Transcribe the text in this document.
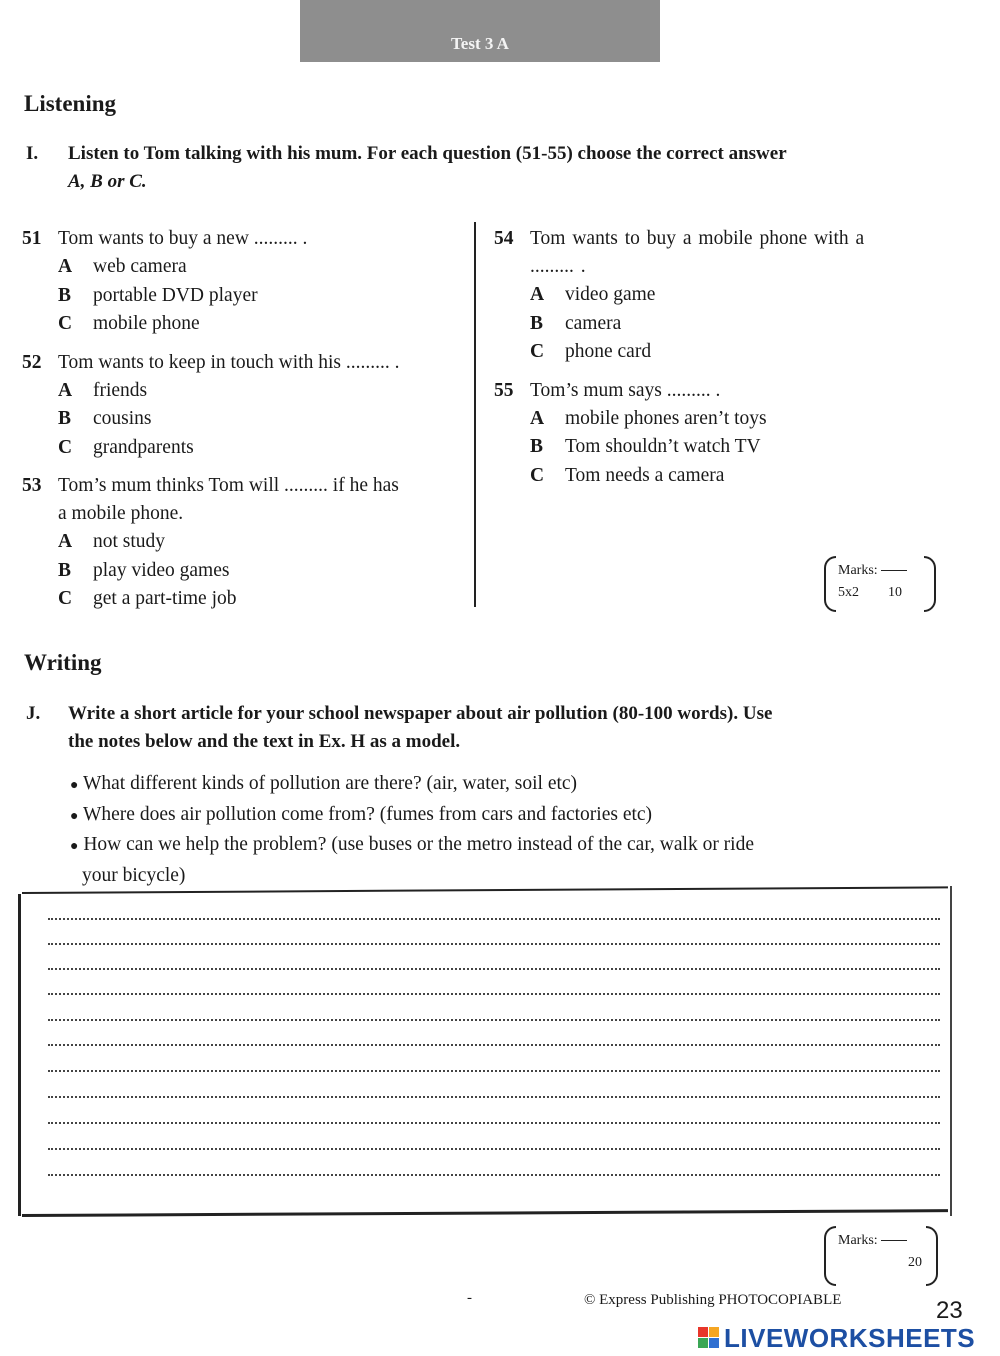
Test 3 A
Listening
I. Listen to Tom talking with his mum. For each question (51-55) choose the correct answer
A, B or C.
51 Tom wants to buy a new ......... .
A web camera
B portable DVD player
C mobile phone
52 Tom wants to keep in touch with his ......... .
A friends
B cousins
C grandparents
53 Tom’s mum thinks Tom will ......... if he has
a mobile phone.
A not study
B play video games
C get a part-time job
54 Tom wants to buy a mobile phone with a
......... .
A video game
B camera
C phone card
55 Tom’s mum says ......... .
A mobile phones aren’t toys
B Tom shouldn’t watch TV
C Tom needs a camera
Marks:
5x2 10
Writing
J. Write a short article for your school newspaper about air pollution (80-100 words). Use
the notes below and the text in Ex. H as a model.
● What different kinds of pollution are there? (air, water, soil etc)
● Where does air pollution come from? (fumes from cars and factories etc)
● How can we help the problem? (use buses or the metro instead of the car, walk or ride
your bicycle)
Marks:
20
-	© Express Publishing PHOTOCOPIABLE	23
LIVEWORKSHEETS
